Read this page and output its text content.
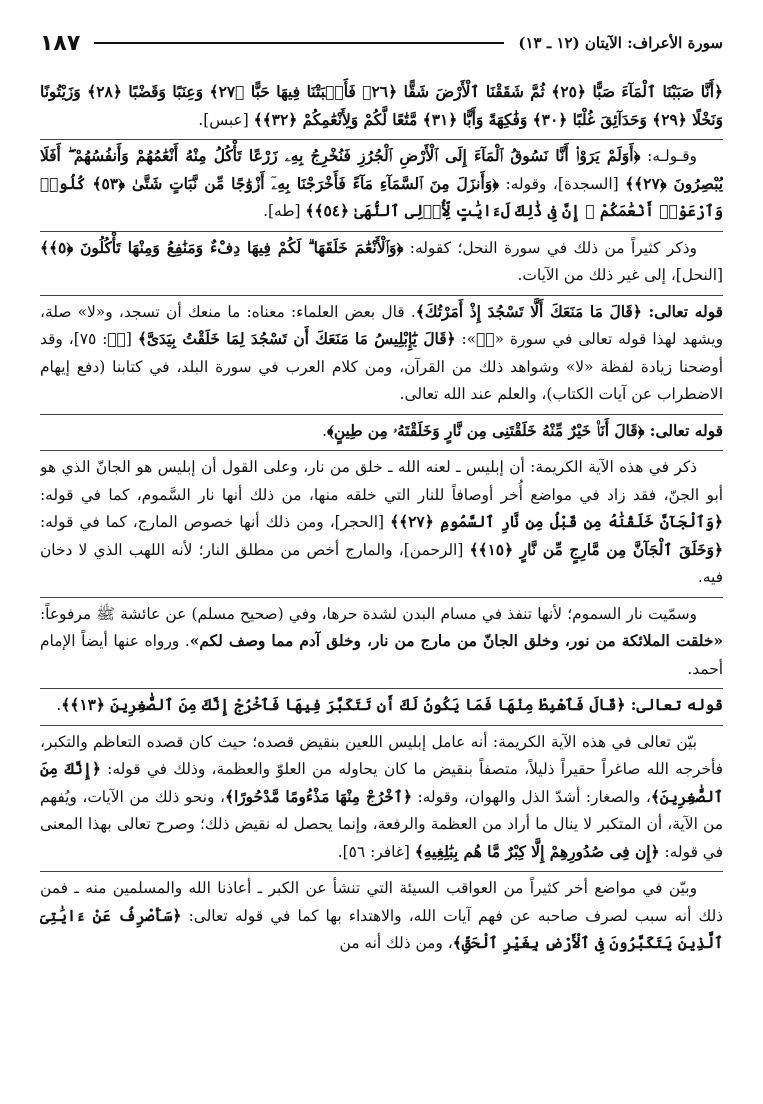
سورة الأعراف: الآيتان (١٢ ـ ١٣)
١٨٧

﴿أَنَّا صَبَبْنَا ٱلْمَآءَ صَبًّا ﴿٢٥﴾ ثُمَّ شَقَقْنَا ٱلْأَرْضَ شَقًّا ﴿٢٦﴾ فَأَنۢبَتْنَا فِيهَا حَبًّا ﴿٢٧﴾ وَعِنَبًا وَقَضْبًا ﴿٢٨﴾ وَزَيْتُونًا وَنَخْلًا ﴿٢٩﴾ وَحَدَآئِقَ غُلْبًا ﴿٣٠﴾ وَفَٰكِهَةً وَأَبًّا ﴿٣١﴾ مَّتَٰعًا لَّكُمْ وَلِأَنْعَٰمِكُمْ ﴿٣٢﴾﴾ [عبس].

وقـولـه: ﴿أَوَلَمْ يَرَوْا۟ أَنَّا نَسُوقُ ٱلْمَآءَ إِلَى ٱلْأَرْضِ ٱلْجُرُزِ فَنُخْرِجُ بِهِۦ زَرْعًا تَأْكُلُ مِنْهُ أَنْعَٰمُهُمْ وَأَنفُسُهُمْ ۖ أَفَلَا يُبْصِرُونَ ﴿٢٧﴾﴾ [السجدة]، وقوله: ﴿وَأَنزَلَ مِنَ ٱلسَّمَآءِ مَآءً فَأَخْرَجْنَا بِهِۦٓ أَزْوَٰجًا مِّن نَّبَاتٍ شَتَّىٰ ﴿٥٣﴾ كُلُوا۟ وَٱرْعَوْا۟ أَنْعَٰمَكُمْ ۗ إِنَّ فِى ذَٰلِكَ لَءَايَٰتٍ لِّأُو۟لِى ٱلنُّهَىٰ ﴿٥٤﴾﴾ [طه].

وذكر كثيراً من ذلك في سورة النحل؛ كقوله: ﴿وَٱلْأَنْعَٰمَ خَلَقَهَا ۗ لَكُمْ فِيهَا دِفْءٌ وَمَنَٰفِعُ وَمِنْهَا تَأْكُلُونَ ﴿٥﴾﴾ [النحل]، إلى غير ذلك من الآيات.

قوله تعالى: ﴿قَالَ مَا مَنَعَكَ أَلَّا تَسْجُدَ إِذْ أَمَرْتُكَ﴾. قال بعض العلماء: معناه: ما منعك أن تسجد، و«لا» صلة، ويشهد لهذا قوله تعالى في سورة «صۤ»: ﴿قَالَ يَٰٓإِبْلِيسُ مَا مَنَعَكَ أَن تَسْجُدَ لِمَا خَلَقْتُ بِيَدَىَّ﴾ [صۤ: ٧٥]، وقد أوضحنا زيادة لفظة «لا» وشواهد ذلك من القرآن، ومن كلام العرب في سورة البلد، في كتابنا (دفع إيهام الاضطراب عن آيات الكتاب)، والعلم عند الله تعالى.

قوله تعالى: ﴿قَالَ أَنَا۠ خَيْرٌ مِّنْهُ خَلَقْتَنِى مِن نَّارٍ وَخَلَقْتَهُۥ مِن طِينٍ﴾.

ذكر في هذه الآية الكريمة: أن إبليس ـ لعنه الله ـ خلق من نار، وعلى القول أن إبليس هو الجانّ الذي هو أبو الجنّ، فقد زاد في مواضع أُخر أوصافاً للنار التي خلقه منها، من ذلك أنها نار السَّموم، كما في قوله: ﴿وَٱلْجَآنَّ خَلَقْنَٰهُ مِن قَبْلُ مِن نَّارِ ٱلسَّمُومِ ﴿٢٧﴾﴾ [الحجر]، ومن ذلك أنها خصوص المارج، كما في قوله: ﴿وَخَلَقَ ٱلْجَآنَّ مِن مَّارِجٍ مِّن نَّارٍ ﴿١٥﴾﴾ [الرحمن]، والمارج أخص من مطلق النار؛ لأنه اللهب الذي لا دخان فيه.

وسمّيت نار السموم؛ لأنها تنفذ في مسام البدن لشدة حرها، وفي (صحيح مسلم) عن عائشة ﷺ مرفوعاً: «خلقت الملائكة من نور، وخلق الجانّ من مارج من نار، وخلق آدم مما وصف لكم». ورواه عنها أيضاً الإمام أحمد.

قوله تعالى: ﴿قَالَ فَٱهْبِطْ مِنْهَا فَمَا يَكُونُ لَكَ أَن تَتَكَبَّرَ فِيهَا فَٱخْرُجْ إِنَّكَ مِنَ ٱلصَّٰغِرِينَ ﴿١٣﴾﴾.

بيّن تعالى في هذه الآية الكريمة: أنه عامل إبليس اللعين بنقيض قصده؛ حيث كان قصده التعاظم والتكبر، فأخرجه الله صاغراً حقيراً ذليلاً، متصفاً بنقيض ما كان يحاوله من العلوّ والعظمة، وذلك في قوله: ﴿إِنَّكَ مِنَ ٱلصَّٰغِرِينَ﴾، والصغار: أشدّ الذل والهوان، وقوله: ﴿ٱخْرُجْ مِنْهَا مَذْءُومًا مَّدْحُورًا﴾، ونحو ذلك من الآيات، ويُفهم من الآية، أن المتكبر لا ينال ما أراد من العظمة والرفعة، وإنما يحصل له نقيض ذلك؛ وصرح تعالى بهذا المعنى في قوله: ﴿إِن فِى صُدُورِهِمْ إِلَّا كِبْرٌ مَّا هُم بِبَٰلِغِيهِ﴾ [غافر: ٥٦].

وبيّن في مواضع أخر كثيراً من العواقب السيئة التي تنشأ عن الكبر ـ أعاذنا الله والمسلمين منه ـ فمن ذلك أنه سبب لصرف صاحبه عن فهم آيات الله، والاهتداء بها كما في قوله تعالى: ﴿سَأَصْرِفُ عَنْ ءَايَٰتِىَ ٱلَّذِينَ يَتَكَبَّرُونَ فِى ٱلْأَرْضِ بِغَيْرِ ٱلْحَقِّ﴾، ومن ذلك أنه من
